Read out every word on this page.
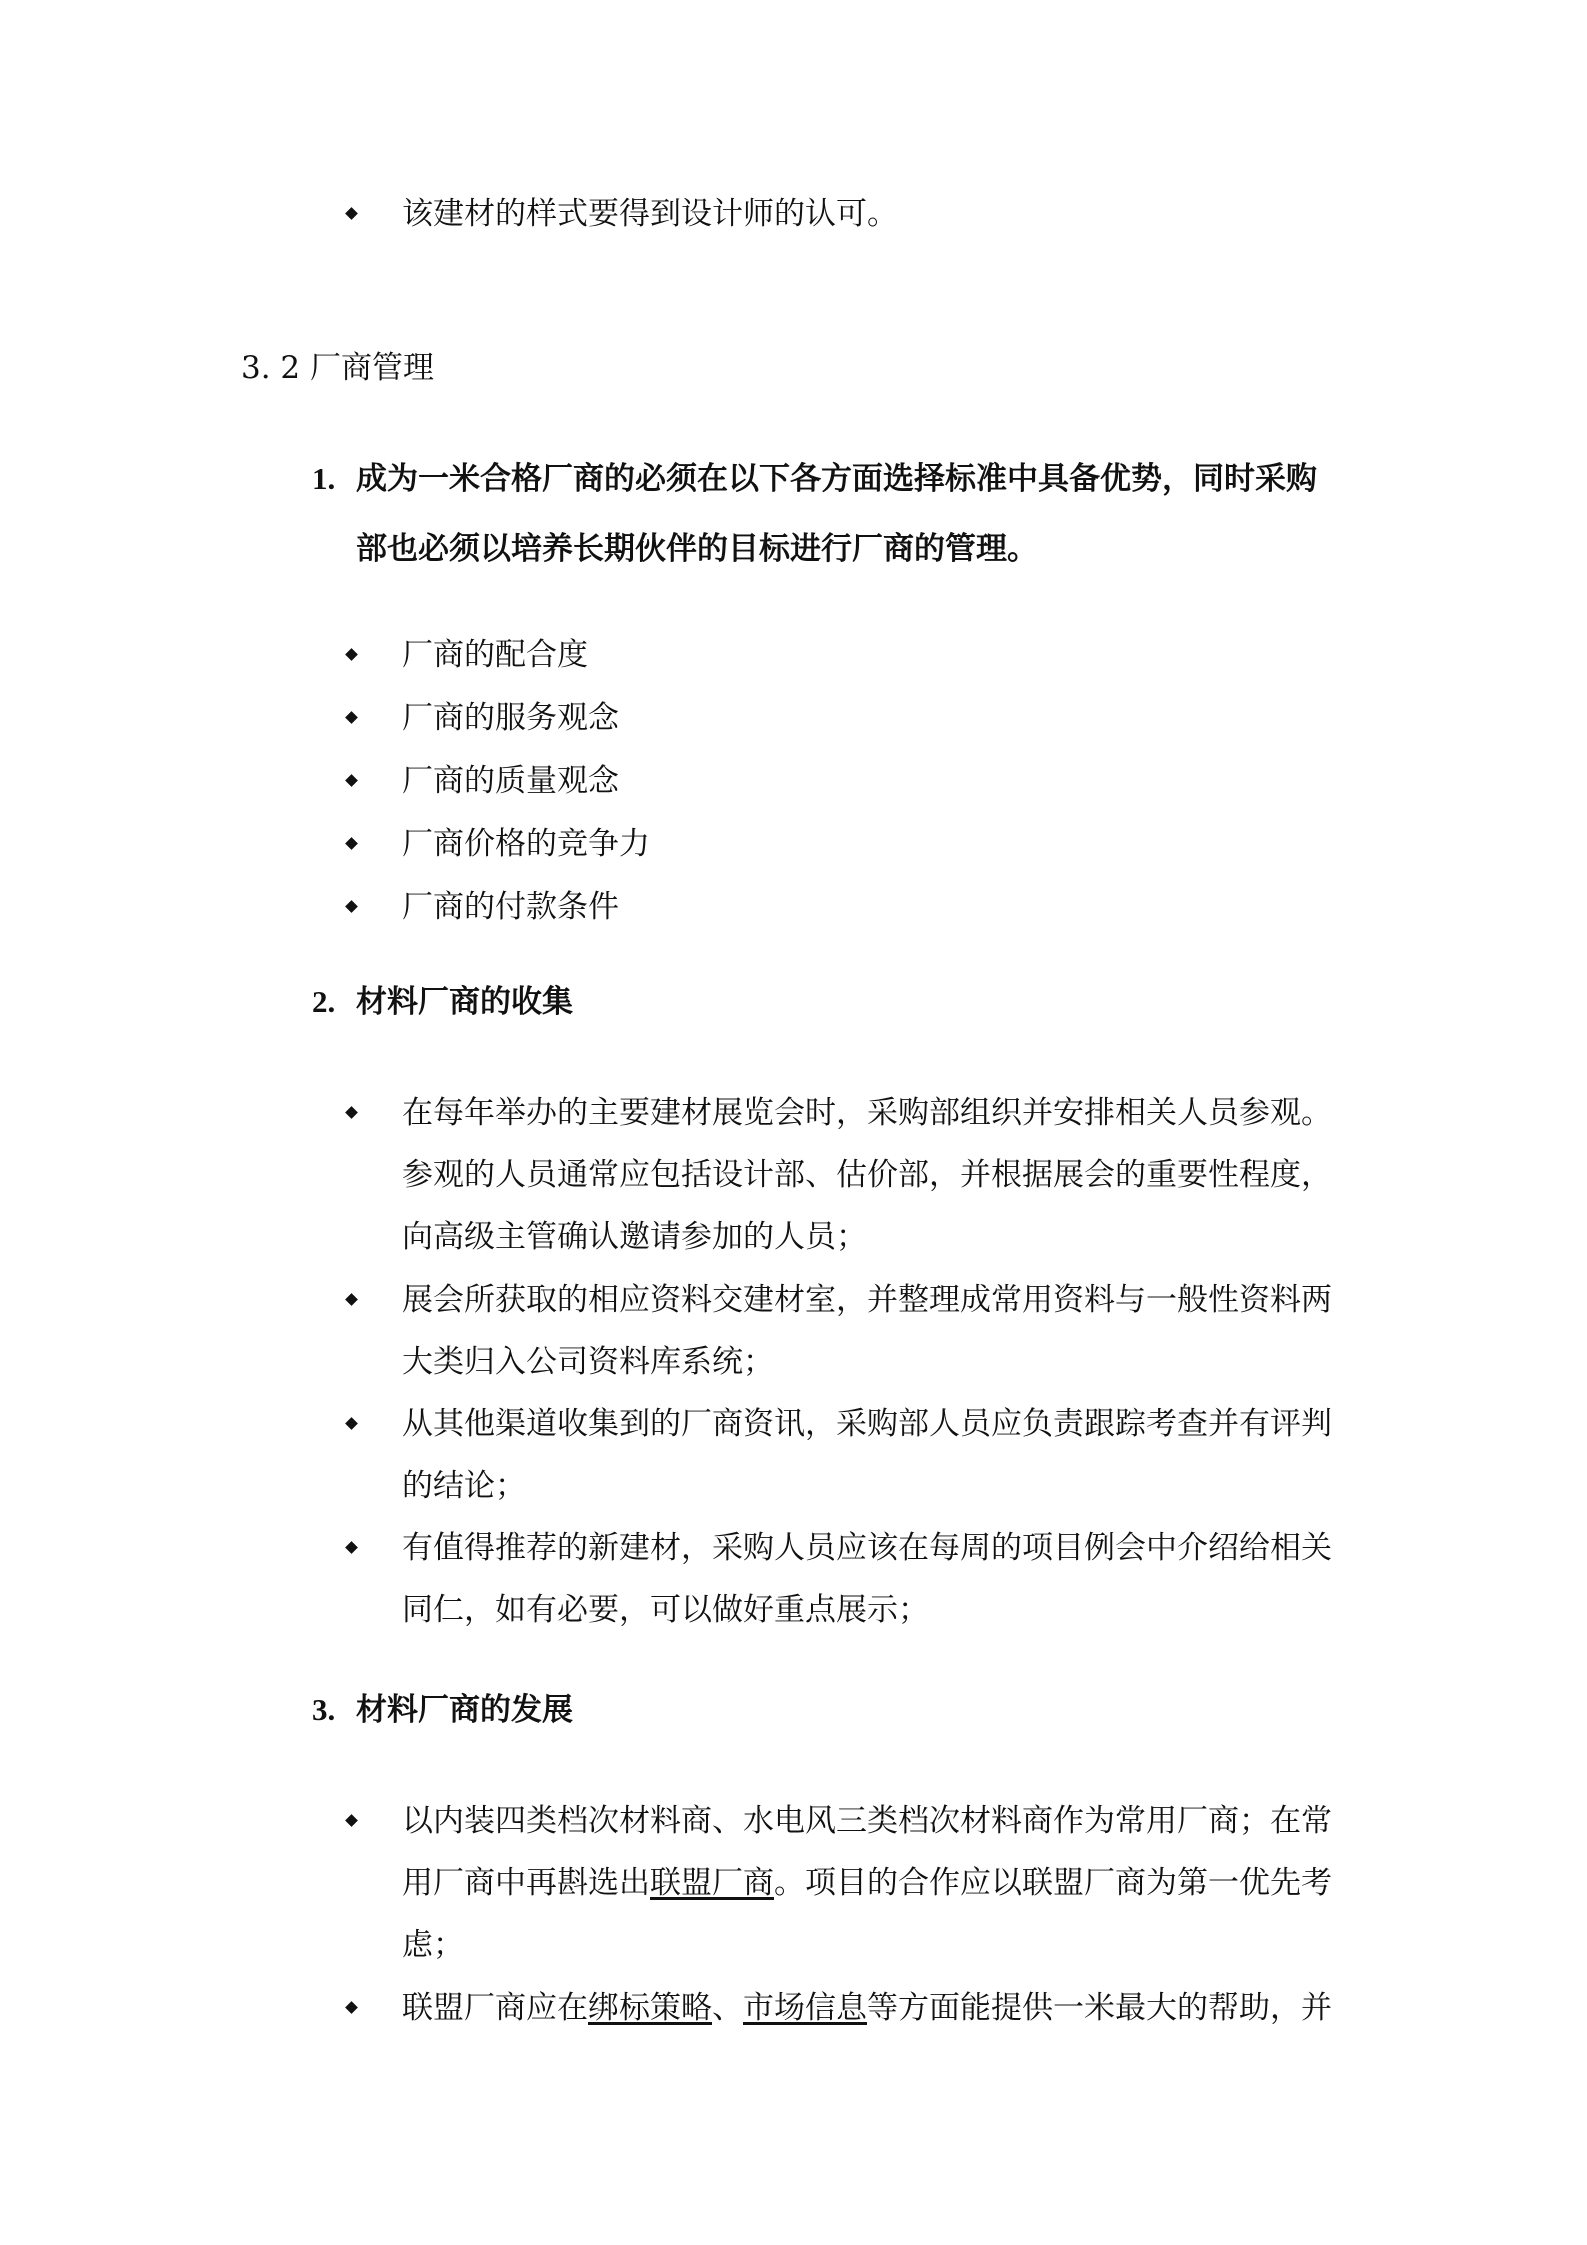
该建材的样式要得到设计师的认可。
3. 2 厂商管理
1. 成为一米合格厂商的必须在以下各方面选择标准中具备优势，同时采购
部也必须以培养长期伙伴的目标进行厂商的管理。
厂商的配合度
厂商的服务观念
厂商的质量观念
厂商价格的竞争力
厂商的付款条件
2. 材料厂商的收集
在每年举办的主要建材展览会时，采购部组织并安排相关人员参观。
参观的人员通常应包括设计部、估价部，并根据展会的重要性程度，
向高级主管确认邀请参加的人员；
展会所获取的相应资料交建材室，并整理成常用资料与一般性资料两
大类归入公司资料库系统；
从其他渠道收集到的厂商资讯，采购部人员应负责跟踪考查并有评判
的结论；
有值得推荐的新建材，采购人员应该在每周的项目例会中介绍给相关
同仁，如有必要，可以做好重点展示；
3. 材料厂商的发展
以内装四类档次材料商、水电风三类档次材料商作为常用厂商；在常
用厂商中再斟选出联盟厂商。项目的合作应以联盟厂商为第一优先考
虑；
联盟厂商应在绑标策略、市场信息等方面能提供一米最大的帮助，并
